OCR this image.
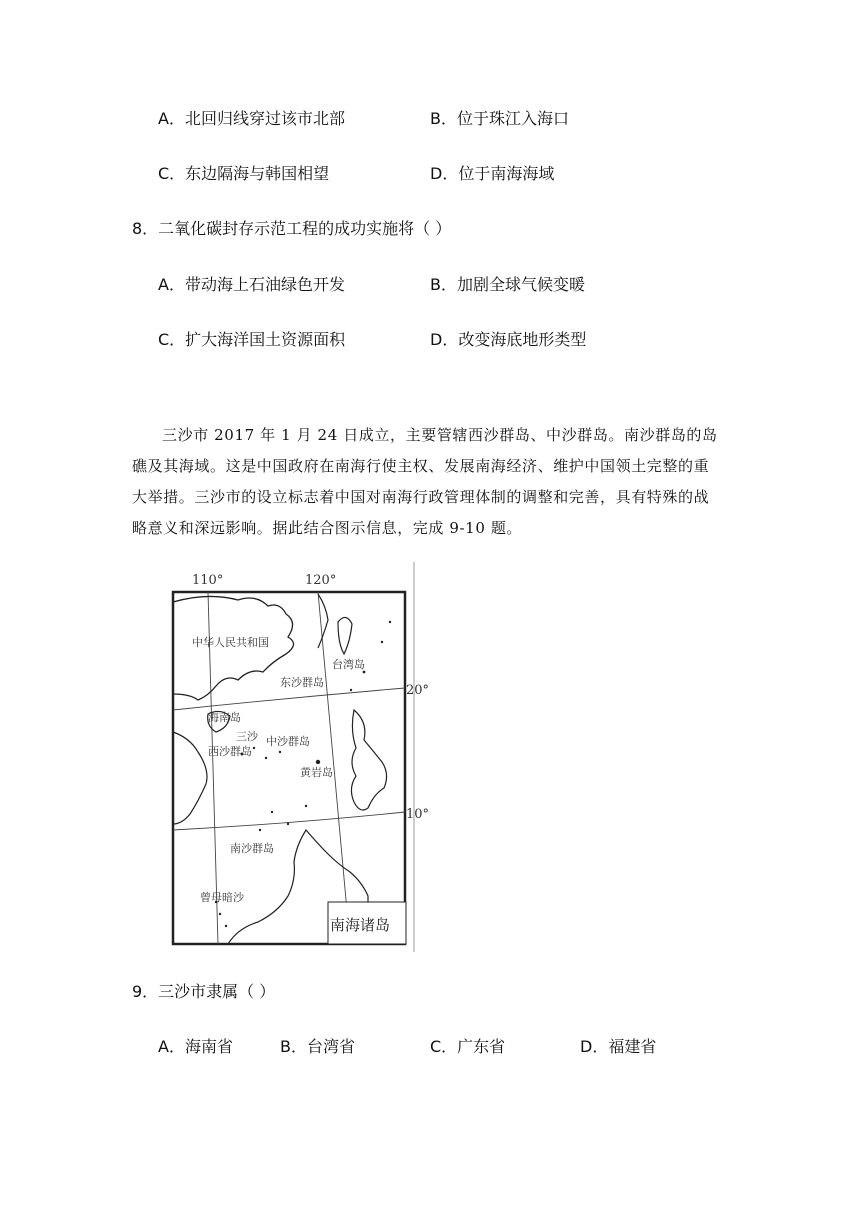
A．北回归线穿过该市北部	B．位于珠江入海口
C．东边隔海与韩国相望	D．位于南海海域
8．二氧化碳封存示范工程的成功实施将（ ）
A．带动海上石油绿色开发	B．加剧全球气候变暖
C．扩大海洋国土资源面积	D．改变海底地形类型

三沙市 2017 年 1 月 24 日成立，主要管辖西沙群岛、中沙群岛。南沙群岛的岛礁及其海域。这是中国政府在南海行使主权、发展南海经济、维护中国领土完整的重大举措。三沙市的设立标志着中国对南海行政管理体制的调整和完善，具有特殊的战略意义和深远影响。据此结合图示信息，完成 9-10 题。

110°	120°
20°
10°
中华人民共和国
台湾岛
东沙群岛
海南岛
三沙
西沙群岛
中沙群岛
黄岩岛
南沙群岛
曾母暗沙
南海诸岛
9．三沙市隶属（ ）
A．海南省	B．台湾省	C．广东省	D．福建省
